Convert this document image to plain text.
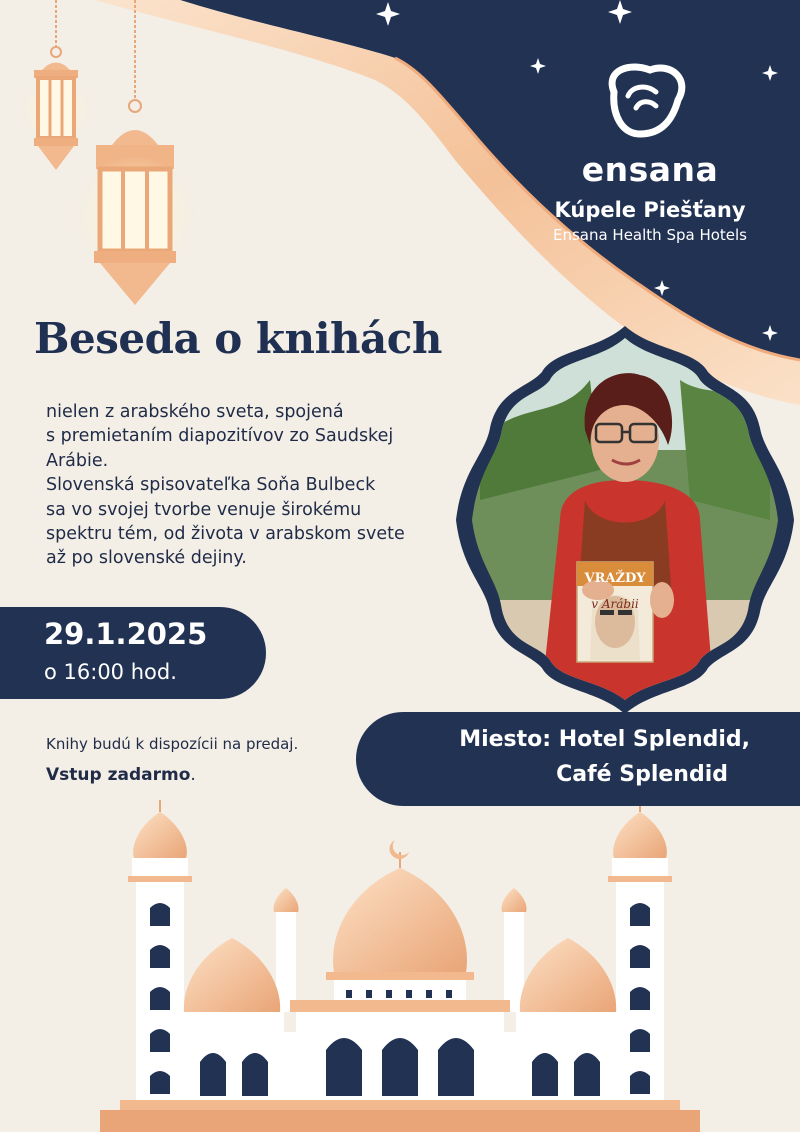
ensana
Kúpele Piešťany
Ensana Health Spa Hotels
Beseda o knihách
nielen z arabského sveta, spojená
s premietaním diapozitívov zo Saudskej
Arábie.
Slovenská spisovateľka Soňa Bulbeck
sa vo svojej tvorbe venuje širokému
spektru tém, od života v arabskom svete
až po slovenské dejiny.
29.1.2025
o 16:00 hod.
Miesto: Hotel Splendid,
Café Splendid
Knihy budú k dispozícii na predaj.
Vstup zadarmo.
VRAŽDY
v Arábii
